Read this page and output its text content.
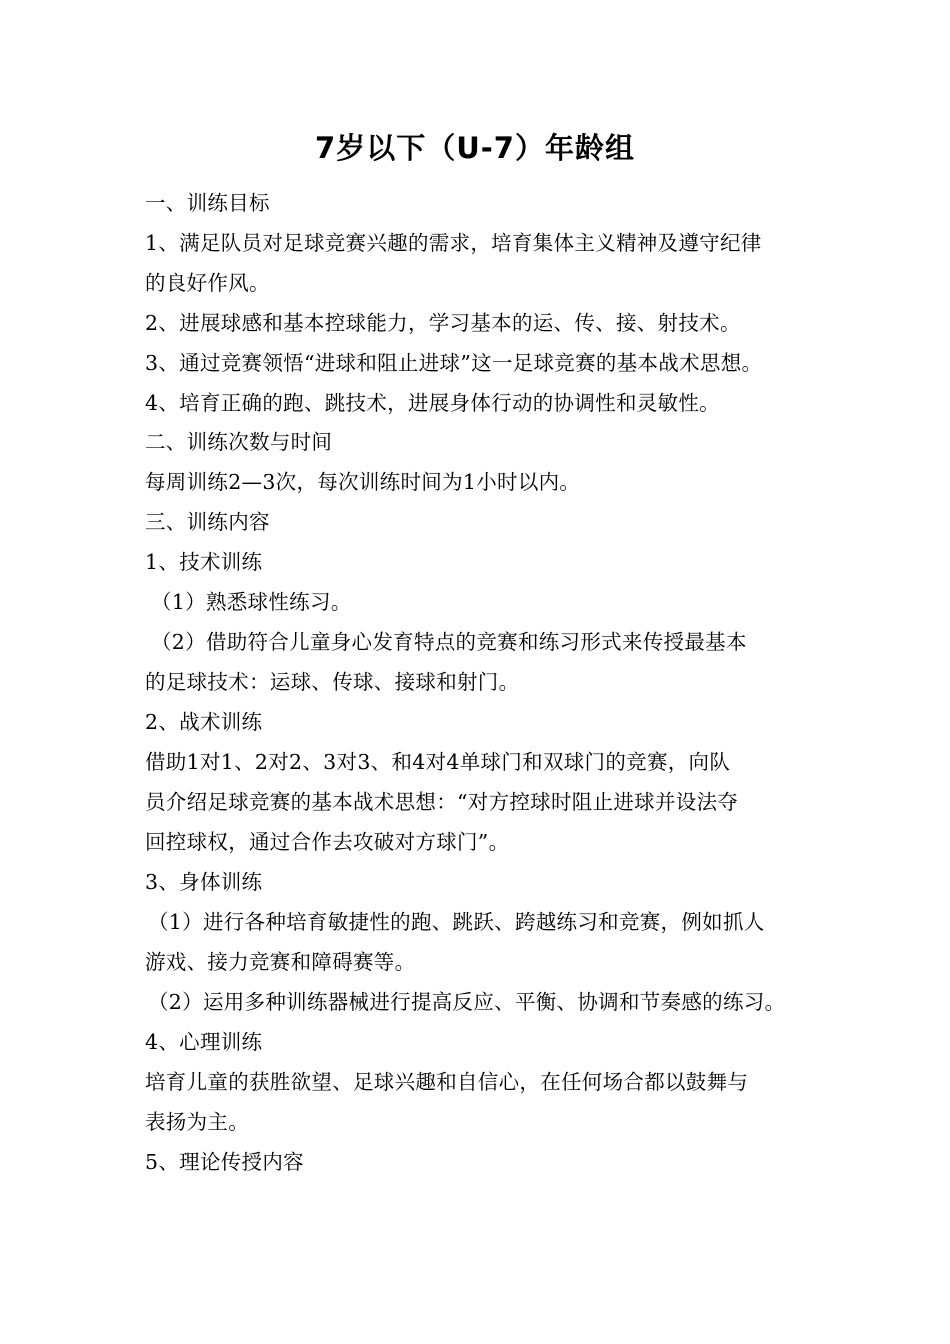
7岁以下（U-7）年龄组
一、训练目标
1、满足队员对足球竞赛兴趣的需求，培育集体主义精神及遵守纪律
的良好作风。
2、进展球感和基本控球能力，学习基本的运、传、接、射技术。
3、通过竞赛领悟“进球和阻止进球”这一足球竞赛的基本战术思想。
4、培育正确的跑、跳技术，进展身体行动的协调性和灵敏性。
二、训练次数与时间
每周训练2—3次，每次训练时间为1小时以内。
三、训练内容
1、技术训练
（1）熟悉球性练习。
（2）借助符合儿童身心发育特点的竞赛和练习形式来传授最基本
的足球技术：运球、传球、接球和射门。
2、战术训练
借助1对1、2对2、3对3、和4对4单球门和双球门的竞赛，向队
员介绍足球竞赛的基本战术思想：“对方控球时阻止进球并设法夺
回控球权，通过合作去攻破对方球门”。
3、身体训练
（1）进行各种培育敏捷性的跑、跳跃、跨越练习和竞赛，例如抓人
游戏、接力竞赛和障碍赛等。
（2）运用多种训练器械进行提高反应、平衡、协调和节奏感的练习。
4、心理训练
培育儿童的获胜欲望、足球兴趣和自信心，在任何场合都以鼓舞与
表扬为主。
5、理论传授内容
